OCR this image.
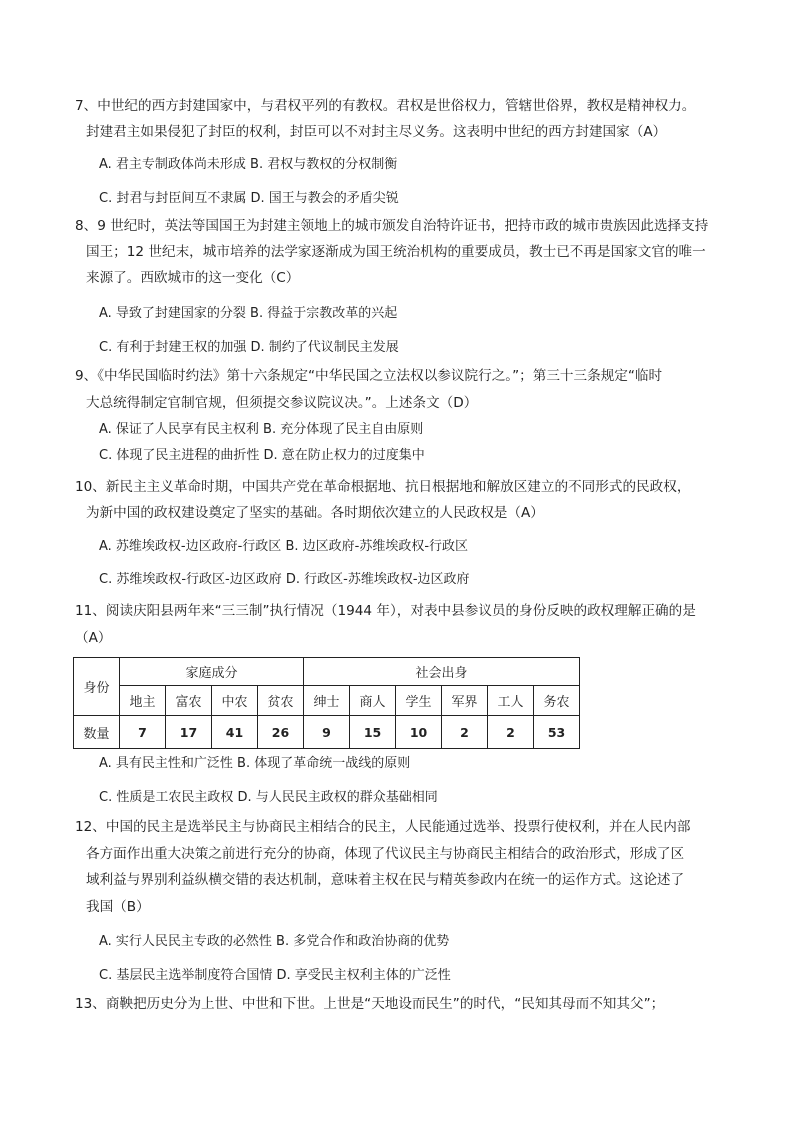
7、中世纪的西方封建国家中，与君权平列的有教权。君权是世俗权力，管辖世俗界，教权是精神权力。
封建君主如果侵犯了封臣的权利，封臣可以不对封主尽义务。这表明中世纪的西方封建国家（A）
A. 君主专制政体尚未形成 B. 君权与教权的分权制衡
C. 封君与封臣间互不隶属 D. 国王与教会的矛盾尖锐
8、9 世纪时，英法等国国王为封建主领地上的城市颁发自治特许证书，把持市政的城市贵族因此选择支持
国王；12 世纪末，城市培养的法学家逐渐成为国王统治机构的重要成员，教士已不再是国家文官的唯一
来源了。西欧城市的这一变化（C）
A. 导致了封建国家的分裂 B. 得益于宗教改革的兴起
C. 有利于封建王权的加强 D. 制约了代议制民主发展
9、《中华民国临时约法》第十六条规定“中华民国之立法权以参议院行之。”；第三十三条规定“临时
大总统得制定官制官规，但须提交参议院议决。”。上述条文（D）
A. 保证了人民享有民主权利 B. 充分体现了民主自由原则
C. 体现了民主进程的曲折性 D. 意在防止权力的过度集中
10、新民主主义革命时期，中国共产党在革命根据地、抗日根据地和解放区建立的不同形式的民政权，
为新中国的政权建设奠定了坚实的基础。各时期依次建立的人民政权是（A）
A. 苏维埃政权-边区政府-行政区 B. 边区政府-苏维埃政权-行政区
C. 苏维埃政权-行政区-边区政府 D. 行政区-苏维埃政权-边区政府
11、阅读庆阳县两年来“三三制”执行情况（1944 年），对表中县参议员的身份反映的政权理解正确的是
（A）
身份	家庭成分				社会出身					
	地主	富农	中农	贫农	绅士	商人	学生	军界	工人	务农
数量	7	17	41	26	9	15	10	2	2	53
A. 具有民主性和广泛性 B. 体现了革命统一战线的原则
C. 性质是工农民主政权 D. 与人民民主政权的群众基础相同
12、中国的民主是选举民主与协商民主相结合的民主，人民能通过选举、投票行使权利，并在人民内部
各方面作出重大决策之前进行充分的协商，体现了代议民主与协商民主相结合的政治形式，形成了区
域利益与界别利益纵横交错的表达机制，意味着主权在民与精英参政内在统一的运作方式。这论述了
我国（B）
A. 实行人民民主专政的必然性 B. 多党合作和政治协商的优势
C. 基层民主选举制度符合国情 D. 享受民主权利主体的广泛性
13、商鞅把历史分为上世、中世和下世。上世是“天地设而民生”的时代，“民知其母而不知其父”；
